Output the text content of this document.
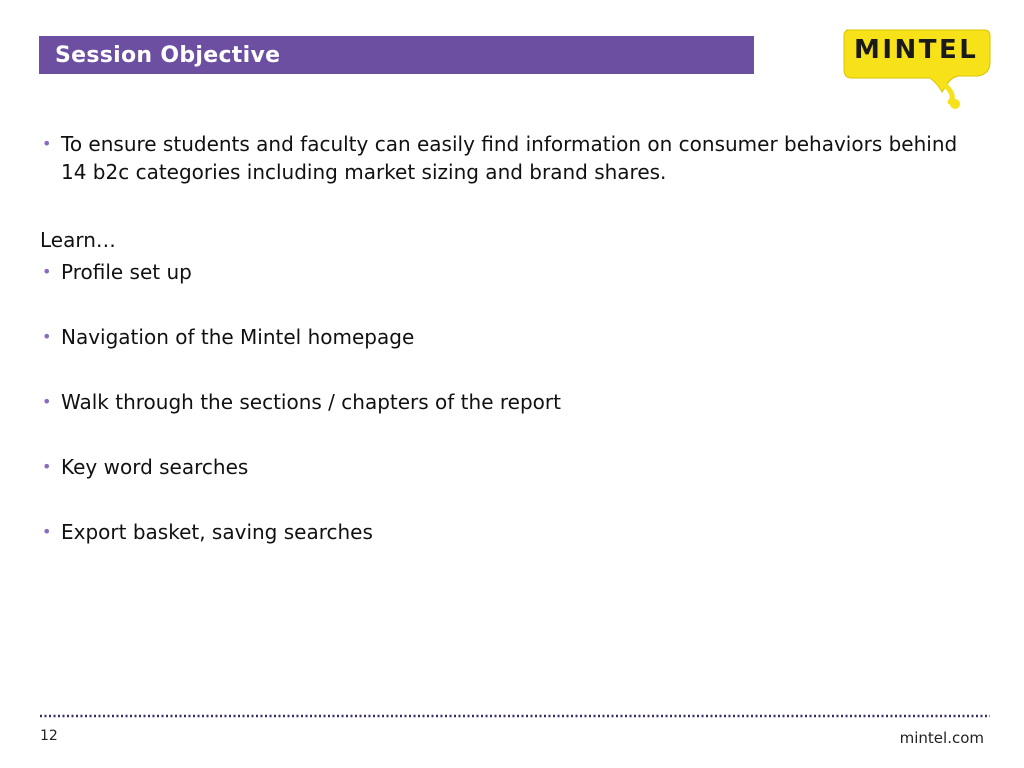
Session Objective	MINTEL
• To ensure students and faculty can easily find information on consumer behaviors behind 14 b2c categories including market sizing and brand shares.
Learn…
• Profile set up
• Navigation of the Mintel homepage
• Walk through the sections / chapters of the report
• Key word searches
• Export basket, saving searches
12	mintel.com
